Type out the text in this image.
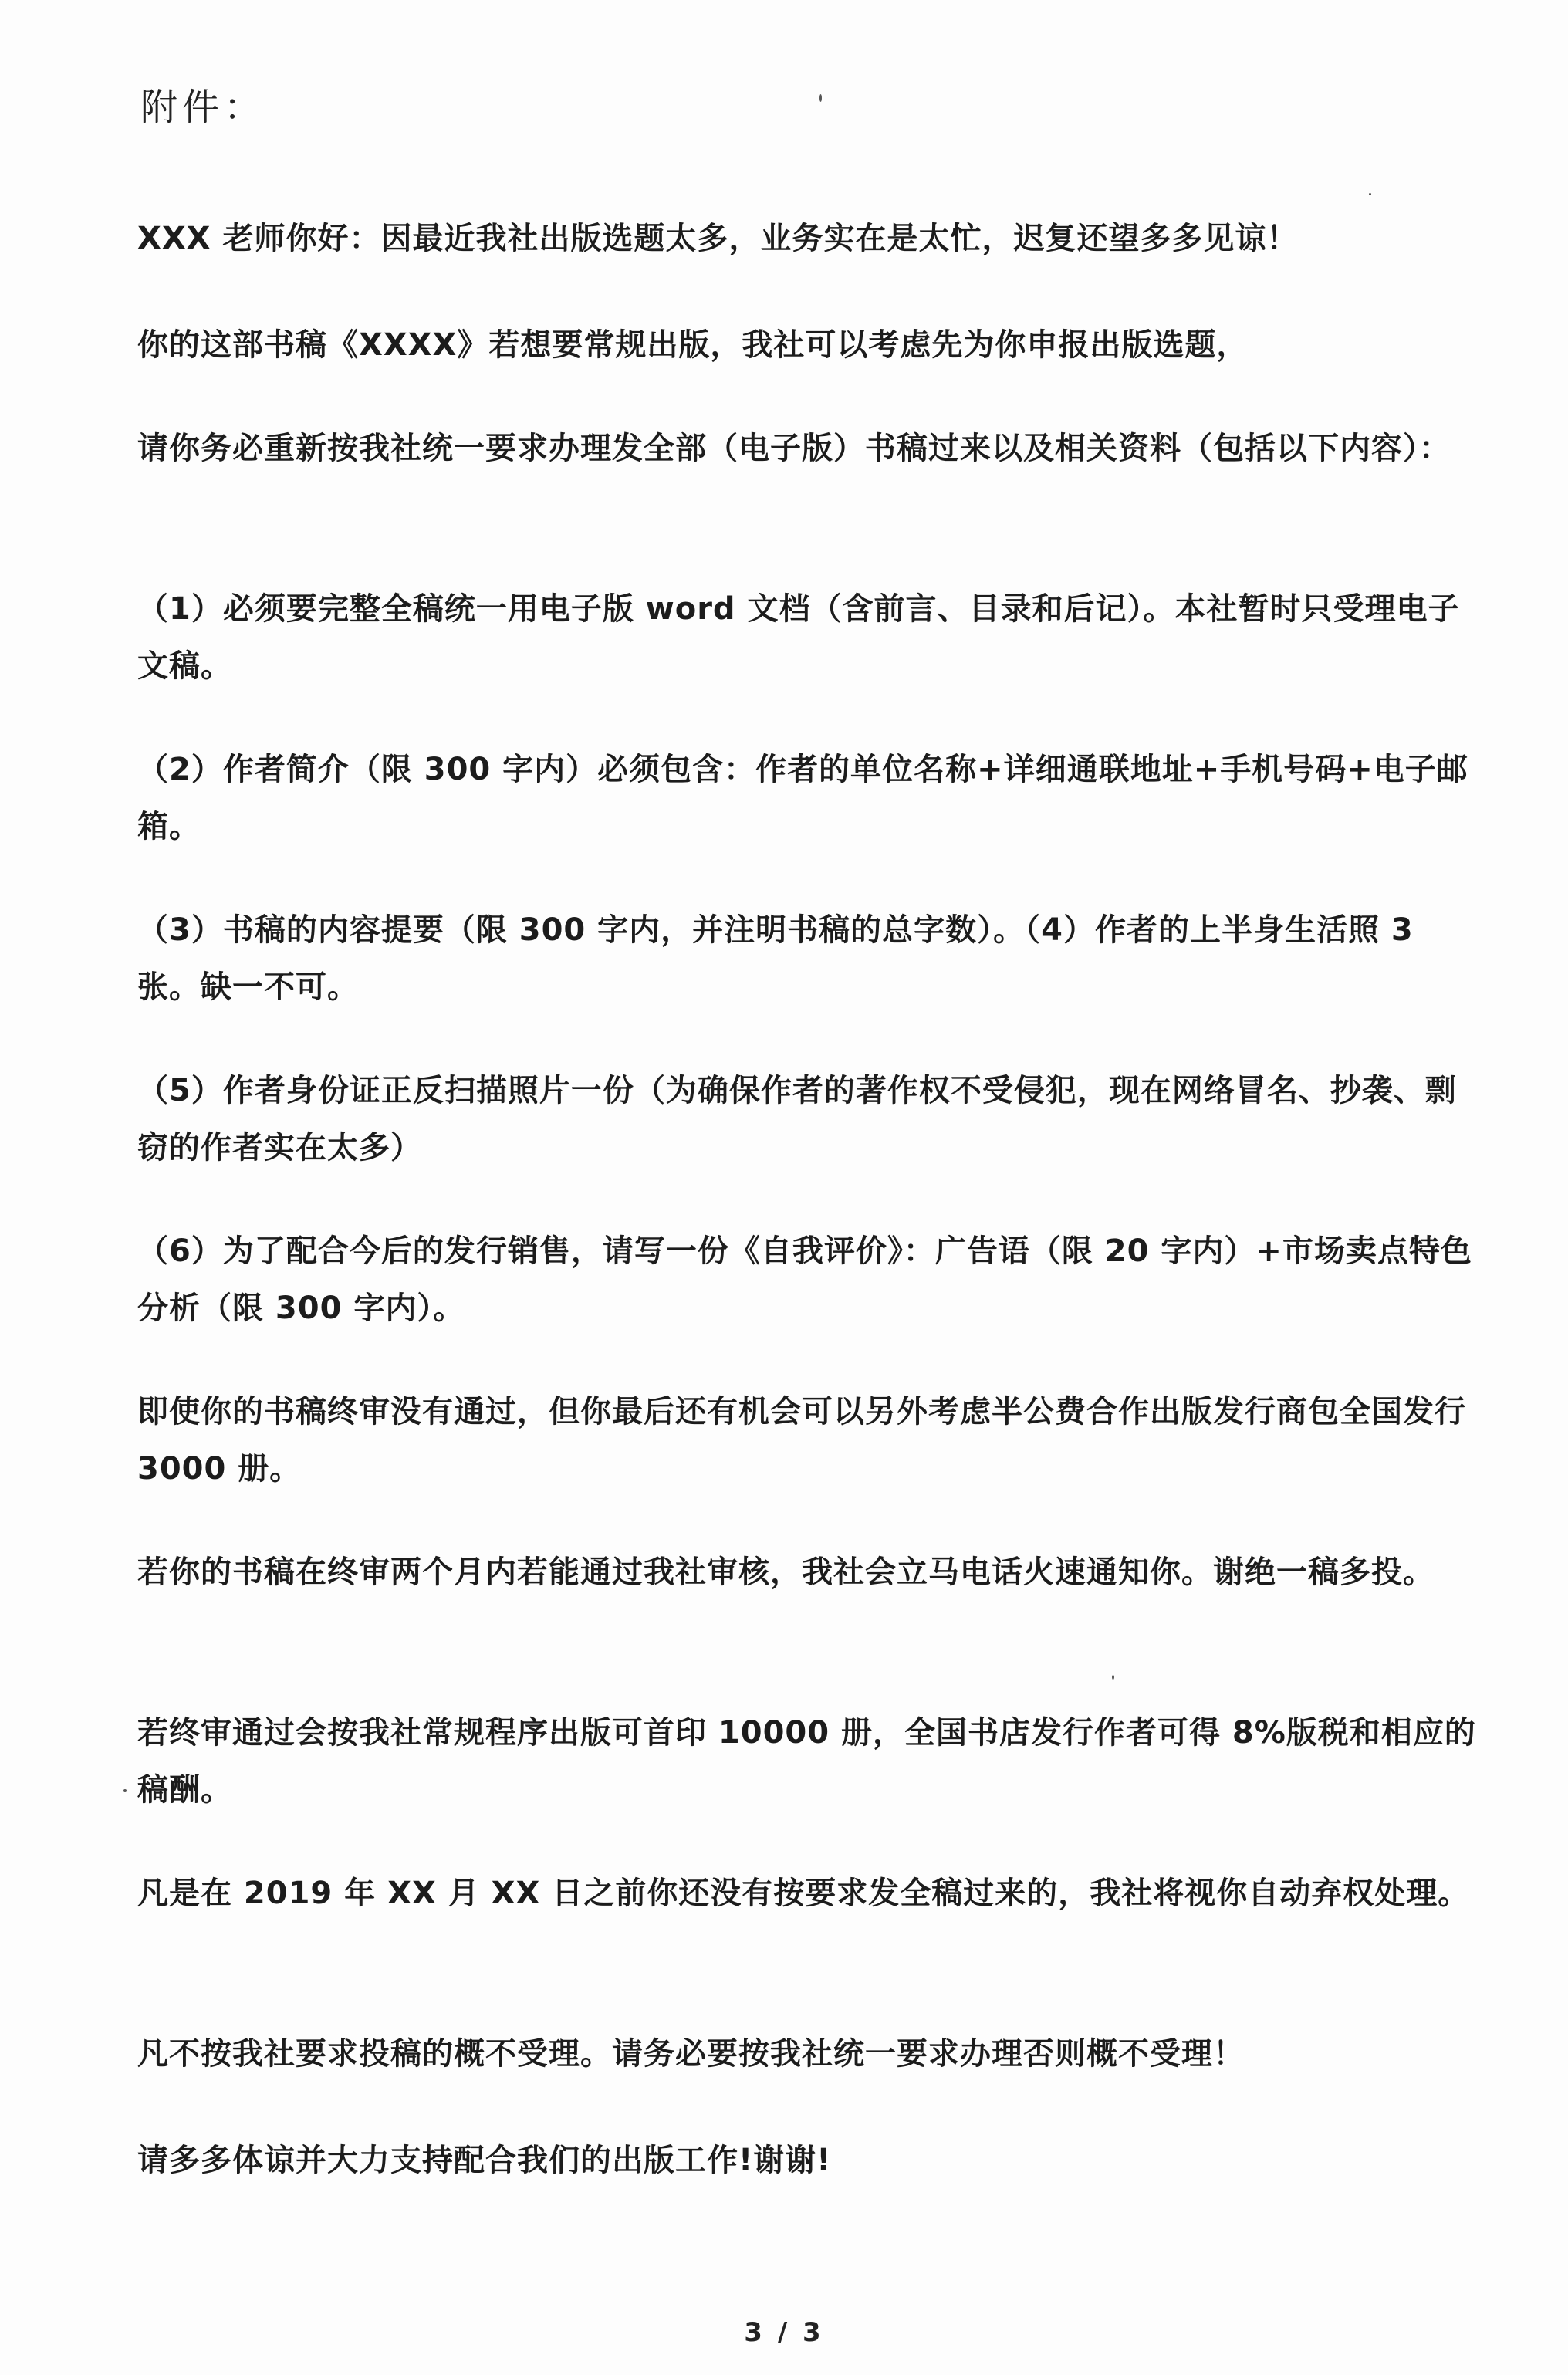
附件：

XXX 老师你好：因最近我社出版选题太多，业务实在是太忙，迟复还望多多见谅！

你的这部书稿《XXXX》若想要常规出版，我社可以考虑先为你申报出版选题，

请你务必重新按我社统一要求办理发全部（电子版）书稿过来以及相关资料（包括以下内容）：

（1）必须要完整全稿统一用电子版 word 文档（含前言、目录和后记）。本社暂时只受理电子文稿。

（2）作者简介（限 300 字内）必须包含：作者的单位名称+详细通联地址+手机号码+电子邮箱。

（3）书稿的内容提要（限 300 字内，并注明书稿的总字数）。（4）作者的上半身生活照 3 张。缺一不可。

（5）作者身份证正反扫描照片一份（为确保作者的著作权不受侵犯，现在网络冒名、抄袭、剽窃的作者实在太多）

（6）为了配合今后的发行销售，请写一份《自我评价》：广告语（限 20 字内）+市场卖点特色分析（限 300 字内）。

即使你的书稿终审没有通过，但你最后还有机会可以另外考虑半公费合作出版发行商包全国发行 3000 册。

若你的书稿在终审两个月内若能通过我社审核，我社会立马电话火速通知你。谢绝一稿多投。

若终审通过会按我社常规程序出版可首印 10000 册，全国书店发行作者可得 8%版税和相应的稿酬。

凡是在 2019 年 XX 月 XX 日之前你还没有按要求发全稿过来的，我社将视你自动弃权处理。

凡不按我社要求投稿的概不受理。请务必要按我社统一要求办理否则概不受理！

请多多体谅并大力支持配合我们的出版工作!谢谢!

3 / 3
